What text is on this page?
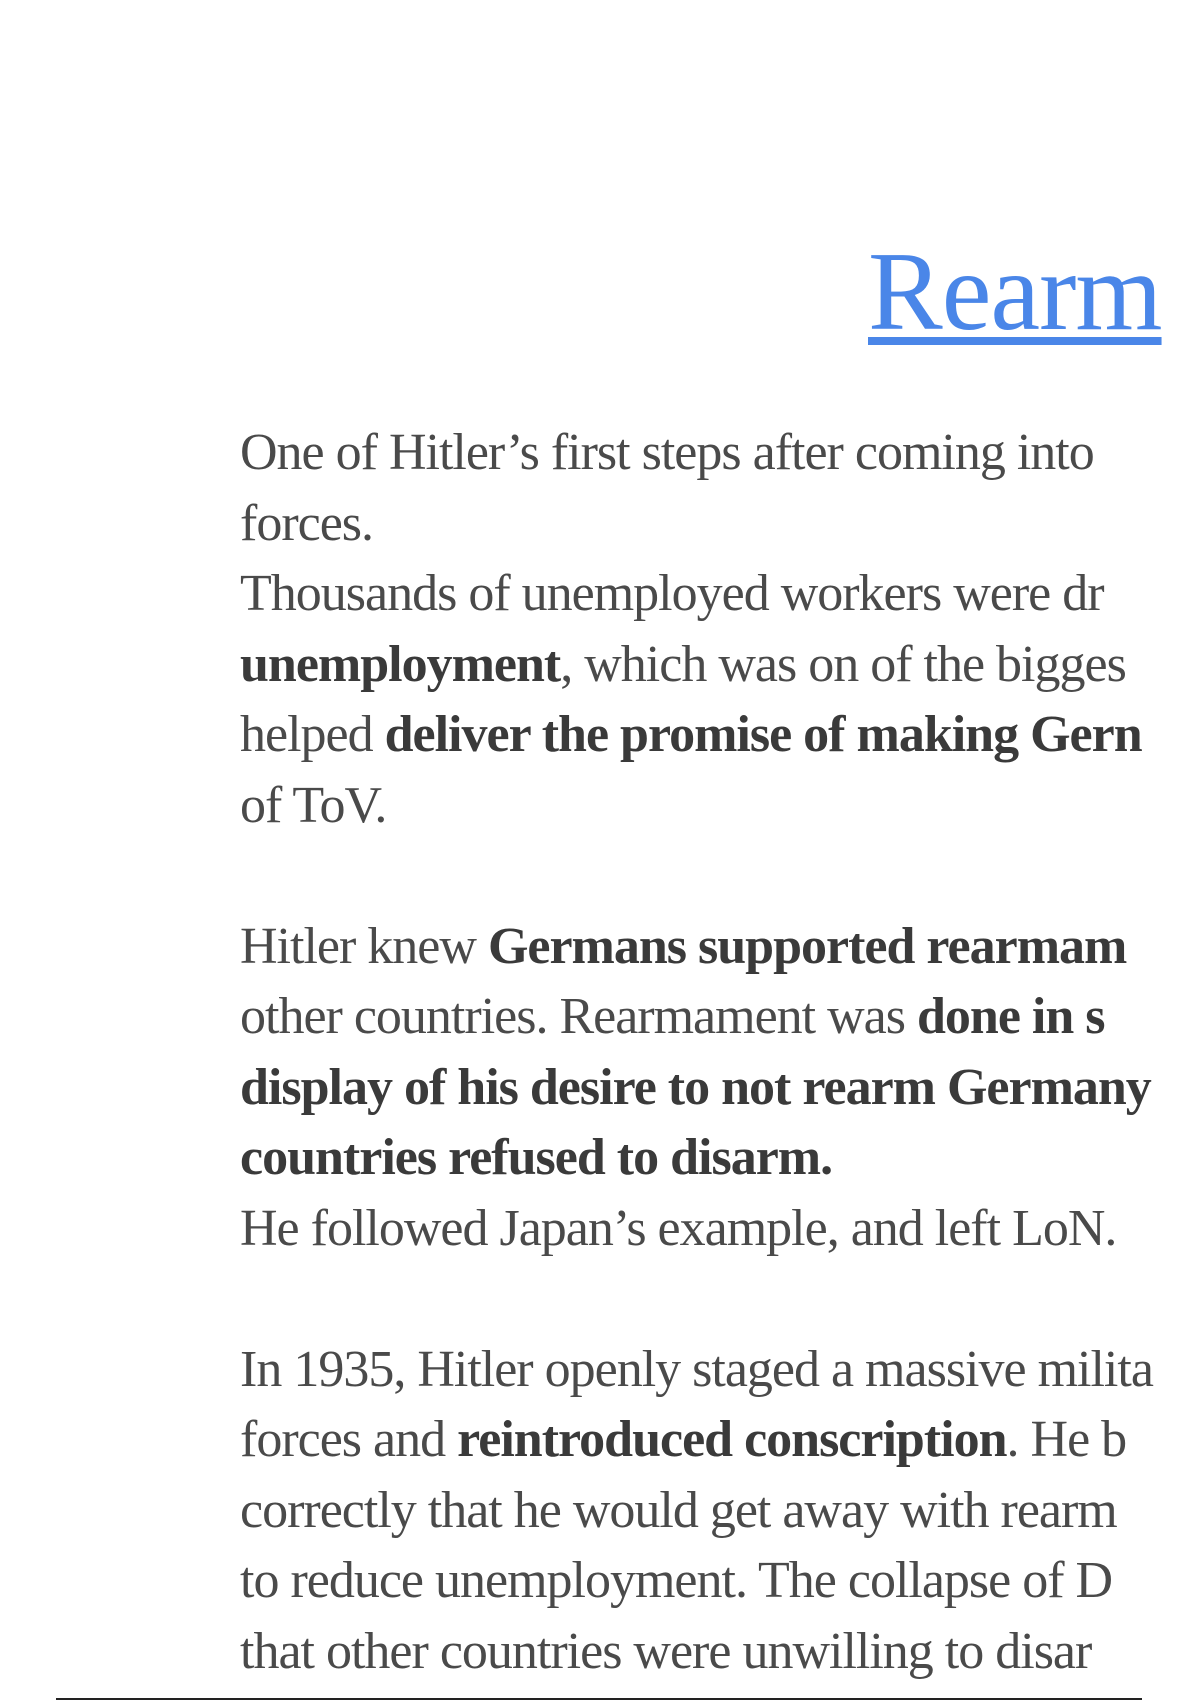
Rearm
One of Hitler’s first steps after coming into
forces.
Thousands of unemployed workers were dr
unemployment, which was on of the bigges
helped deliver the promise of making Gern
of ToV.
Hitler knew Germans supported rearmam
other countries. Rearmament was done in s
display of his desire to not rearm Germany
countries refused to disarm.
He followed Japan’s example, and left LoN.
In 1935, Hitler openly staged a massive milita
forces and reintroduced conscription. He b
correctly that he would get away with rearm
to reduce unemployment. The collapse of D
that other countries were unwilling to disar
